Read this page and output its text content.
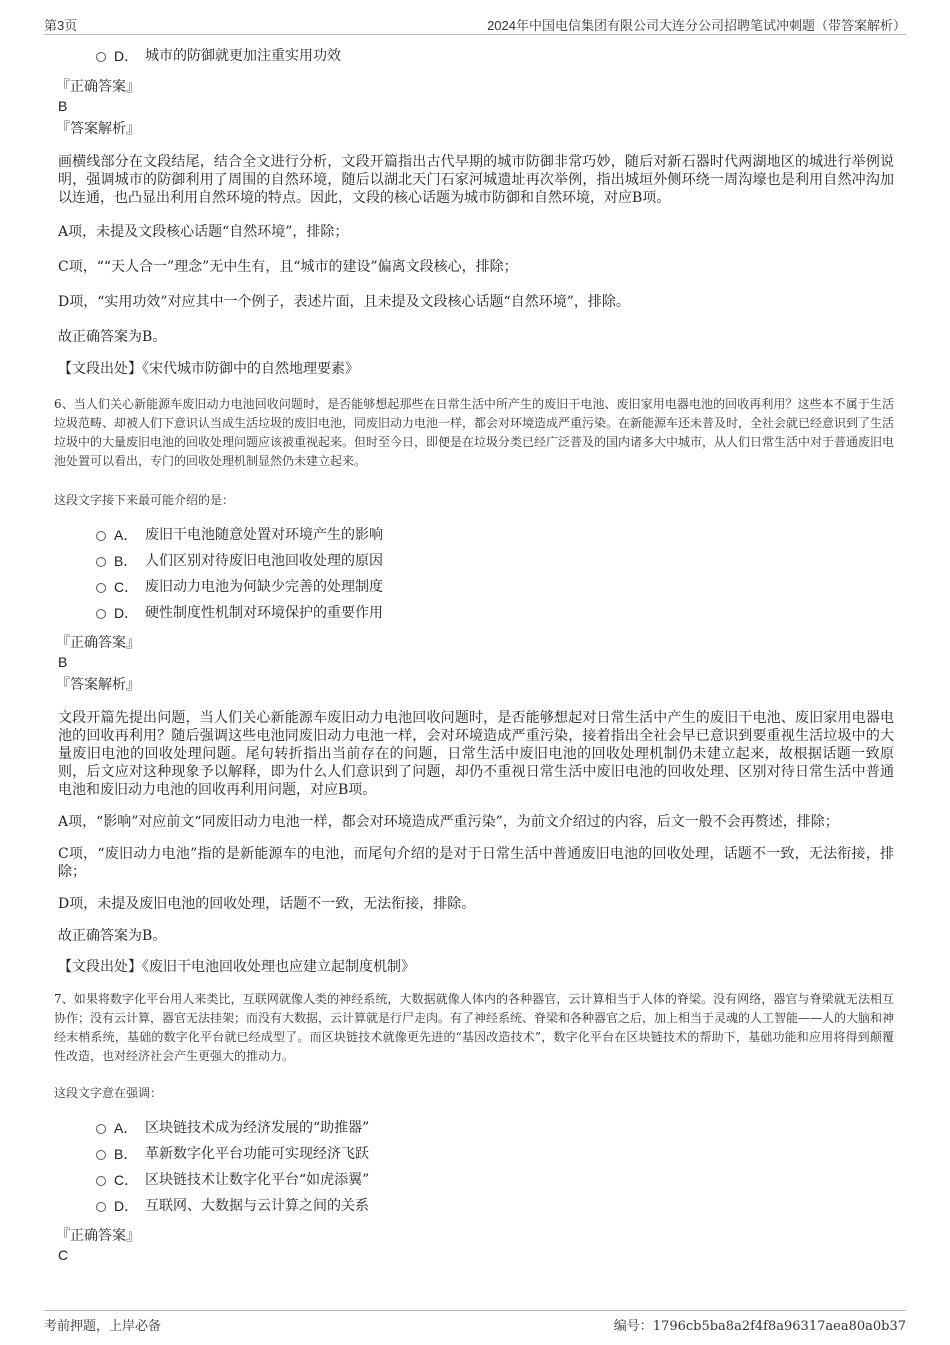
第3页	2024年中国电信集团有限公司大连分公司招聘笔试冲刺题（带答案解析）
D． 城市的防御就更加注重实用功效
『正确答案』
B
『答案解析』

画横线部分在文段结尾，结合全文进行分析，文段开篇指出古代早期的城市防御非常巧妙，随后对新石器时代两湖地区的城进行举例说明，强调城市的防御利用了周围的自然环境，随后以湖北天门石家河城遗址再次举例，指出城垣外侧环绕一周沟壕也是利用自然冲沟加以连通，也凸显出利用自然环境的特点。因此，文段的核心话题为城市防御和自然环境，对应B项。

A项，未提及文段核心话题“自然环境”，排除；

C项，““天人合一”理念”无中生有，且“城市的建设”偏离文段核心，排除；

D项，“实用功效”对应其中一个例子，表述片面，且未提及文段核心话题“自然环境”，排除。

故正确答案为B。

【文段出处】《宋代城市防御中的自然地理要素》

6、当人们关心新能源车废旧动力电池回收问题时，是否能够想起那些在日常生活中所产生的废旧干电池、废旧家用电器电池的回收再利用？这些本不属于生活垃圾范畴、却被人们下意识认当成生活垃圾的废旧电池，同废旧动力电池一样，都会对环境造成严重污染。在新能源车还未普及时，全社会就已经意识到了生活垃圾中的大量废旧电池的回收处理问题应该被重视起来。但时至今日，即便是在垃圾分类已经广泛普及的国内诸多大中城市，从人们日常生活中对于普通废旧电池处置可以看出，专门的回收处理机制显然仍未建立起来。

这段文字接下来最可能介绍的是：
A． 废旧干电池随意处置对环境产生的影响
B． 人们区别对待废旧电池回收处理的原因
C． 废旧动力电池为何缺少完善的处理制度
D． 硬性制度性机制对环境保护的重要作用
『正确答案』
B
『答案解析』

文段开篇先提出问题，当人们关心新能源车废旧动力电池回收问题时，是否能够想起对日常生活中产生的废旧干电池、废旧家用电器电池的回收再利用？随后强调这些电池同废旧动力电池一样，会对环境造成严重污染，接着指出全社会早已意识到要重视生活垃圾中的大量废旧电池的回收处理问题。尾句转折指出当前存在的问题，日常生活中废旧电池的回收处理机制仍未建立起来，故根据话题一致原则，后文应对这种现象予以解释，即为什么人们意识到了问题，却仍不重视日常生活中废旧电池的回收处理、区别对待日常生活中普通电池和废旧动力电池的回收再利用问题，对应B项。

A项，“影响”对应前文“同废旧动力电池一样，都会对环境造成严重污染”，为前文介绍过的内容，后文一般不会再赘述，排除；

C项，“废旧动力电池”指的是新能源车的电池，而尾句介绍的是对于日常生活中普通废旧电池的回收处理，话题不一致，无法衔接，排除；

D项，未提及废旧电池的回收处理，话题不一致，无法衔接，排除。

故正确答案为B。

【文段出处】《废旧干电池回收处理也应建立起制度机制》

7、如果将数字化平台用人来类比，互联网就像人类的神经系统，大数据就像人体内的各种器官，云计算相当于人体的脊梁。没有网络，器官与脊梁就无法相互协作；没有云计算，器官无法挂架；而没有大数据，云计算就是行尸走肉。有了神经系统、脊梁和各种器官之后，加上相当于灵魂的人工智能——人的大脑和神经末梢系统，基础的数字化平台就已经成型了。而区块链技术就像更先进的“基因改造技术”，数字化平台在区块链技术的帮助下，基础功能和应用将得到颠覆性改造，也对经济社会产生更强大的推动力。

这段文字意在强调：
A． 区块链技术成为经济发展的“助推器”
B． 革新数字化平台功能可实现经济飞跃
C． 区块链技术让数字化平台“如虎添翼”
D． 互联网、大数据与云计算之间的关系
『正确答案』
C
考前押题，上岸必备	编号：1796cb5ba8a2f4f8a96317aea80a0b37
